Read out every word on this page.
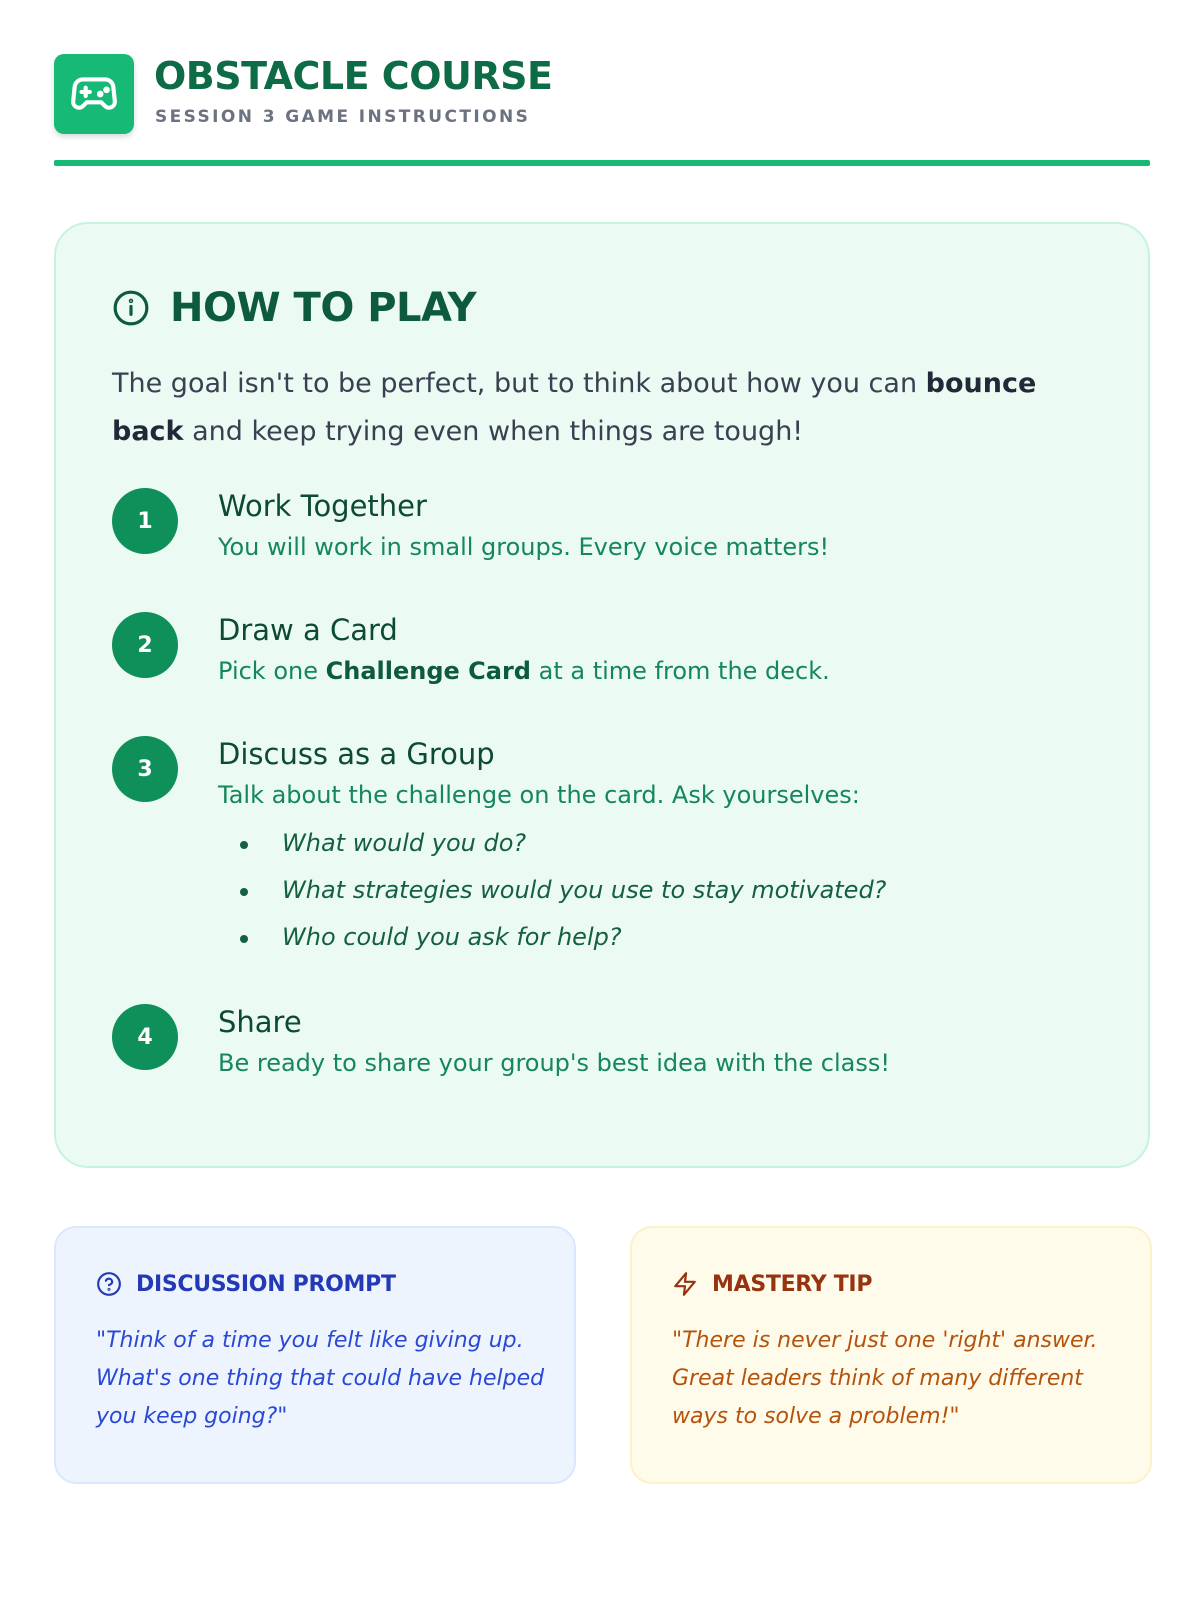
OBSTACLE COURSE
SESSION 3 GAME INSTRUCTIONS
HOW TO PLAY

The goal isn't to be perfect, but to think about how you can bounce back and keep trying even when things are tough!

1	Work Together
You will work in small groups. Every voice matters!
2	Draw a Card
Pick one Challenge Card at a time from the deck.
3	Discuss as a Group
Talk about the challenge on the card. Ask yourselves:
What would you do?
What strategies would you use to stay motivated?
Who could you ask for help?
4	Share
Be ready to share your group's best idea with the class!
DISCUSSION PROMPT

"Think of a time you felt like giving up. What's one thing that could have helped you keep going?"

MASTERY TIP

"There is never just one 'right' answer. Great leaders think of many different ways to solve a problem!"
